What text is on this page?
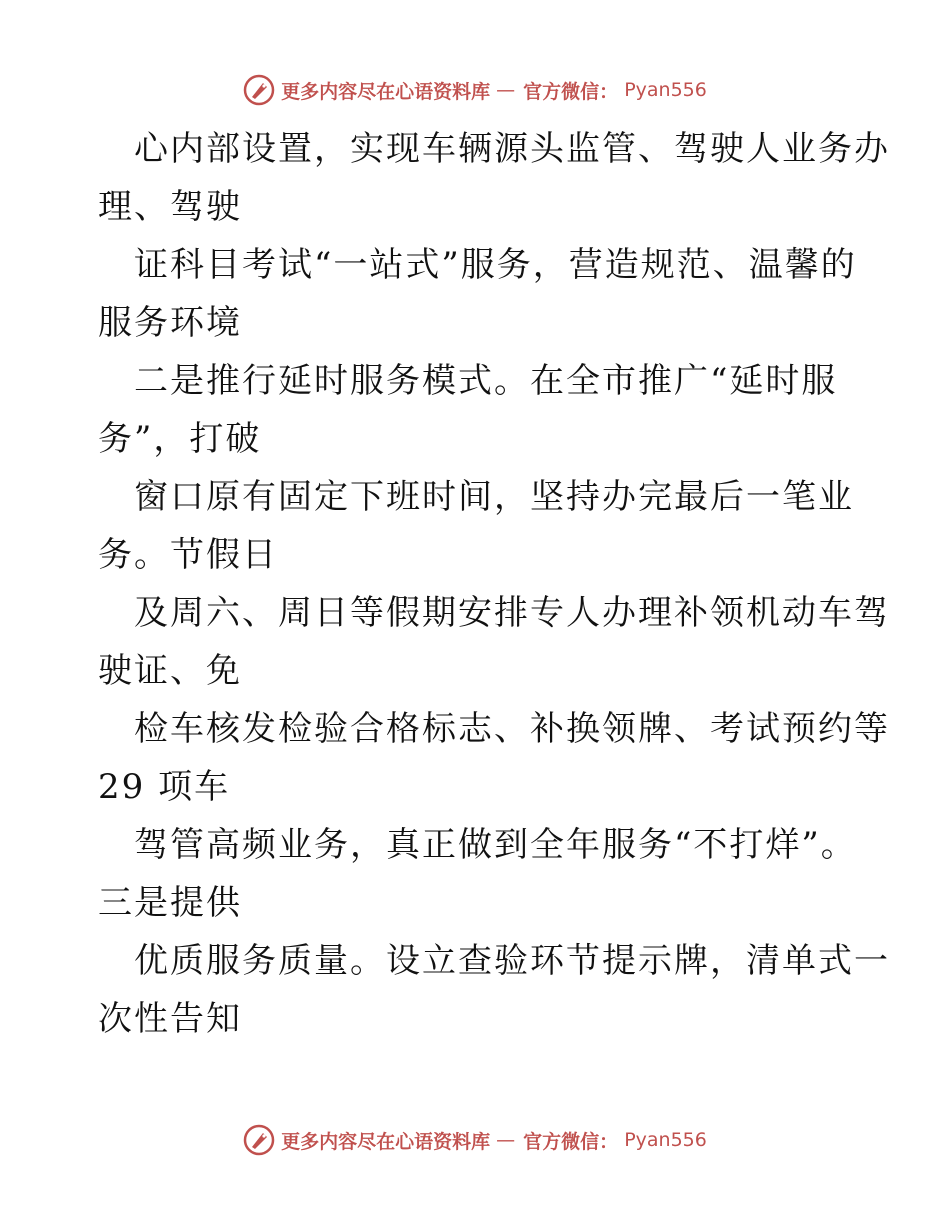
更多内容尽在心语资料库 — 官方微信： Pyan556
心内部设置，实现车辆源头监管、驾驶人业务办
理、驾驶
证科目考试“一站式”服务，营造规范、温馨的
服务环境
二是推行延时服务模式。在全市推广“延时服
务”，打破
窗口原有固定下班时间，坚持办完最后一笔业
务。节假日
及周六、周日等假期安排专人办理补领机动车驾
驶证、免
检车核发检验合格标志、补换领牌、考试预约等
29 项车
驾管高频业务，真正做到全年服务“不打烊”。
三是提供
优质服务质量。设立查验环节提示牌，清单式一
次性告知
更多内容尽在心语资料库 — 官方微信： Pyan556
